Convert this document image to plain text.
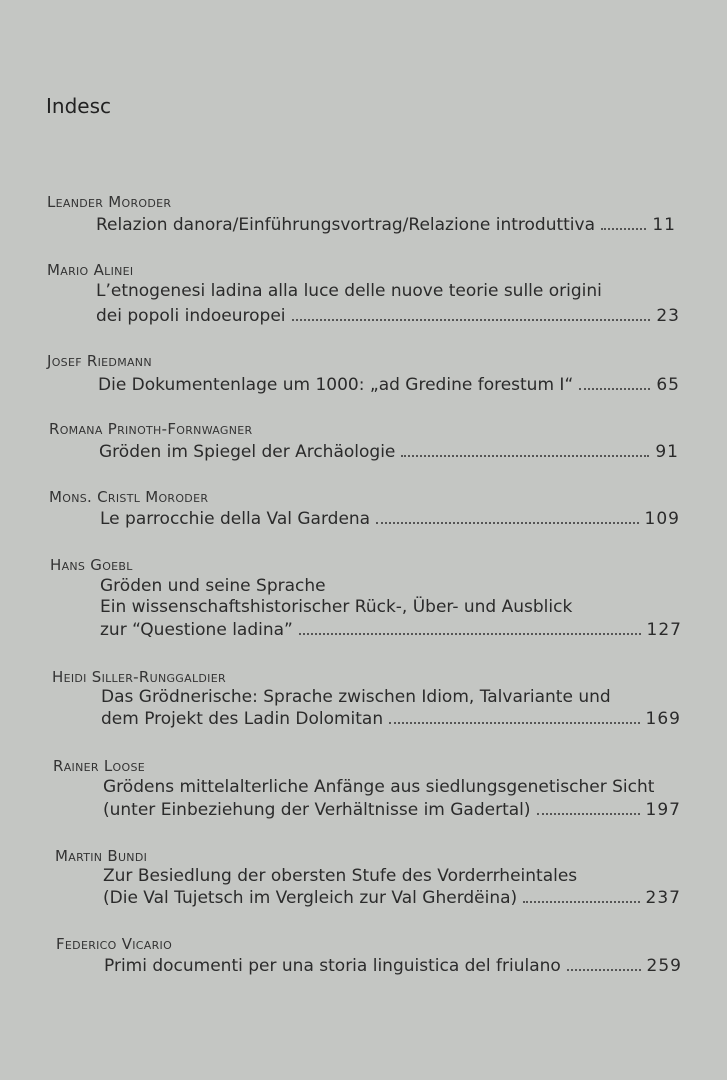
Indesc
Leander Moroder
Relazion danora/Einführungsvortrag/Relazione introduttiva	11
Mario Alinei
L’etnogenesi ladina alla luce delle nuove teorie sulle origini
dei popoli indoeuropei	23
Josef Riedmann
Die Dokumentenlage um 1000: „ad Gredine forestum I“	65
Romana Prinoth-Fornwagner
Gröden im Spiegel der Archäologie	91
Mons. Cristl Moroder
Le parrocchie della Val Gardena	109
Hans Goebl
Gröden und seine Sprache
Ein wissenschaftshistorischer Rück-, Über- und Ausblick
zur “Questione ladina”	127
Heidi Siller-Runggaldier
Das Grödnerische: Sprache zwischen Idiom, Talvariante und
dem Projekt des Ladin Dolomitan	169
Rainer Loose
Grödens mittelalterliche Anfänge aus siedlungsgenetischer Sicht
(unter Einbeziehung der Verhältnisse im Gadertal)	197
Martin Bundi
Zur Besiedlung der obersten Stufe des Vorderrheintales
(Die Val Tujetsch im Vergleich zur Val Gherdëina)	237
Federico Vicario
Primi documenti per una storia linguistica del friulano	259
